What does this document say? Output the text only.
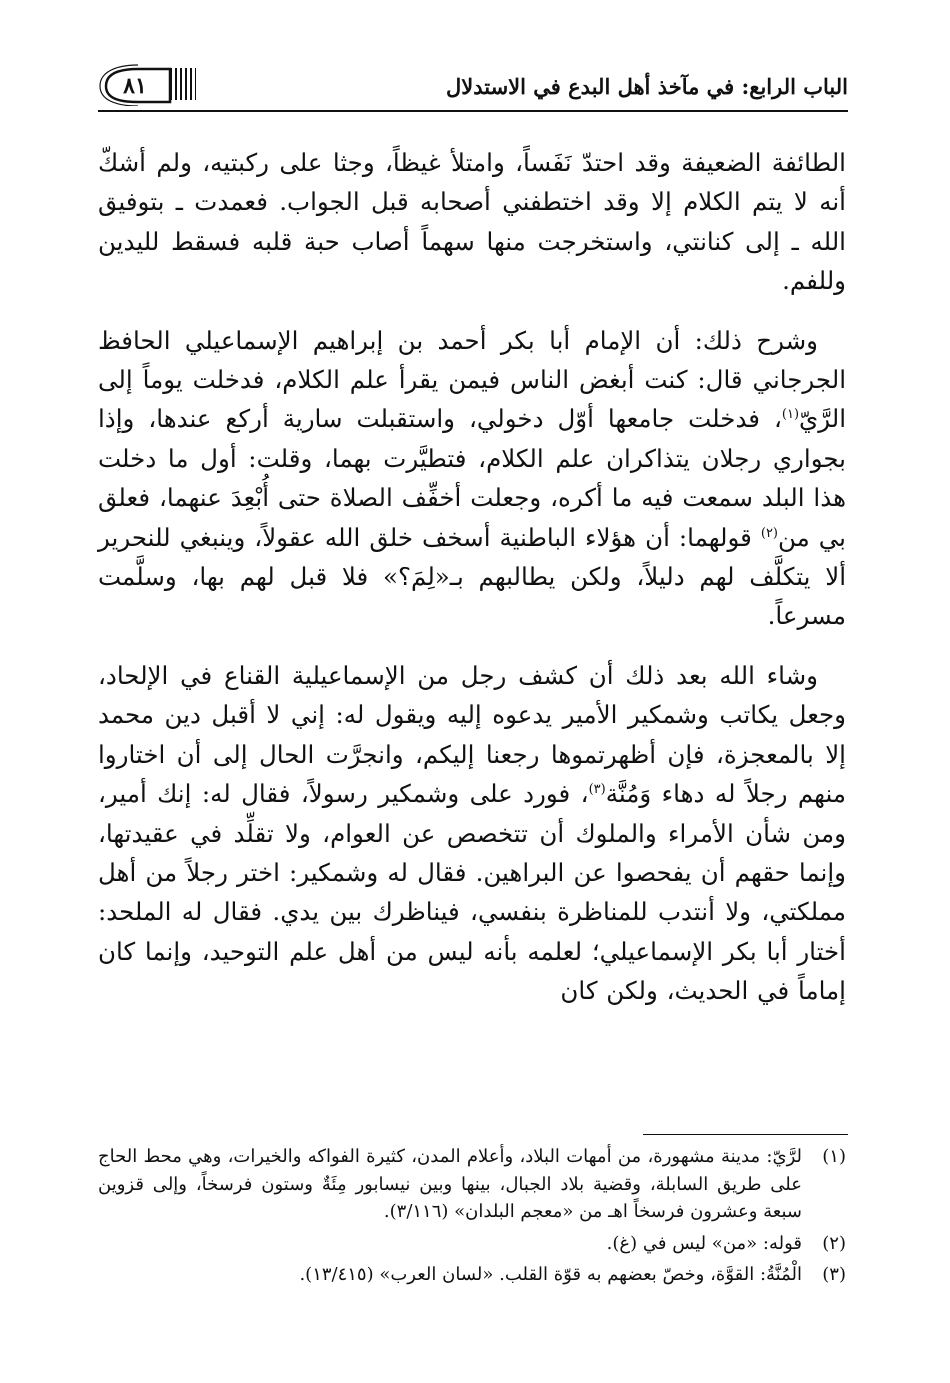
الباب الرابع: في مآخذ أهل البدع في الاستدلال
٨١

الطائفة الضعيفة وقد احتدّ نَفَساً، وامتلأ غيظاً، وجثا على ركبتيه، ولم أشكّ أنه لا يتم الكلام إلا وقد اختطفني أصحابه قبل الجواب. فعمدت ـ بتوفيق الله ـ إلى كنانتي، واستخرجت منها سهماً أصاب حبة قلبه فسقط لليدين وللفم.

وشرح ذلك: أن الإمام أبا بكر أحمد بن إبراهيم الإسماعيلي الحافظ الجرجاني قال: كنت أبغض الناس فيمن يقرأ علم الكلام، فدخلت يوماً إلى الرَّيّ$^{(١)}$، فدخلت جامعها أوّل دخولي، واستقبلت سارية أركع عندها، وإذا بجواري رجلان يتذاكران علم الكلام، فتطيَّرت بهما، وقلت: أول ما دخلت هذا البلد سمعت فيه ما أكره، وجعلت أخفِّف الصلاة حتى أُبْعِدَ عنهما، فعلق بي من$^{(٢)}$ قولهما: أن هؤلاء الباطنية أسخف خلق الله عقولاً، وينبغي للنحرير ألا يتكلَّف لهم دليلاً، ولكن يطالبهم بـ«لِمَ؟» فلا قبل لهم بها، وسلَّمت مسرعاً.

وشاء الله بعد ذلك أن كشف رجل من الإسماعيلية القناع في الإلحاد، وجعل يكاتب وشمكير الأمير يدعوه إليه ويقول له: إني لا أقبل دين محمد إلا بالمعجزة، فإن أظهرتموها رجعنا إليكم، وانجرَّت الحال إلى أن اختاروا منهم رجلاً له دهاء وَمُنَّة$^{(٣)}$، فورد على وشمكير رسولاً، فقال له: إنك أمير، ومن شأن الأمراء والملوك أن تتخصص عن العوام، ولا تقلِّد في عقيدتها، وإنما حقهم أن يفحصوا عن البراهين. فقال له وشمكير: اختر رجلاً من أهل مملكتي، ولا أنتدب للمناظرة بنفسي، فيناظرك بين يدي. فقال له الملحد: أختار أبا بكر الإسماعيلي؛ لعلمه بأنه ليس من أهل علم التوحيد، وإنما كان إماماً في الحديث، ولكن كان

(١)
لرَّيّ: مدينة مشهورة، من أمهات البلاد، وأعلام المدن، كثيرة الفواكه والخيرات، وهي محط الحاج على طريق السابلة، وقضية بلاد الجبال، بينها وبين نيسابور مِئَةٌ وستون فرسخاً، وإلى قزوين سبعة وعشرون فرسخاً اهـ من «معجم البلدان» (٣/١١٦).

(٢)
قوله: «من» ليس في (غ).

(٣)
الْمُنَّةُ: القوَّة، وخصّ بعضهم به قوّة القلب. «لسان العرب» (١٣/٤١٥).
